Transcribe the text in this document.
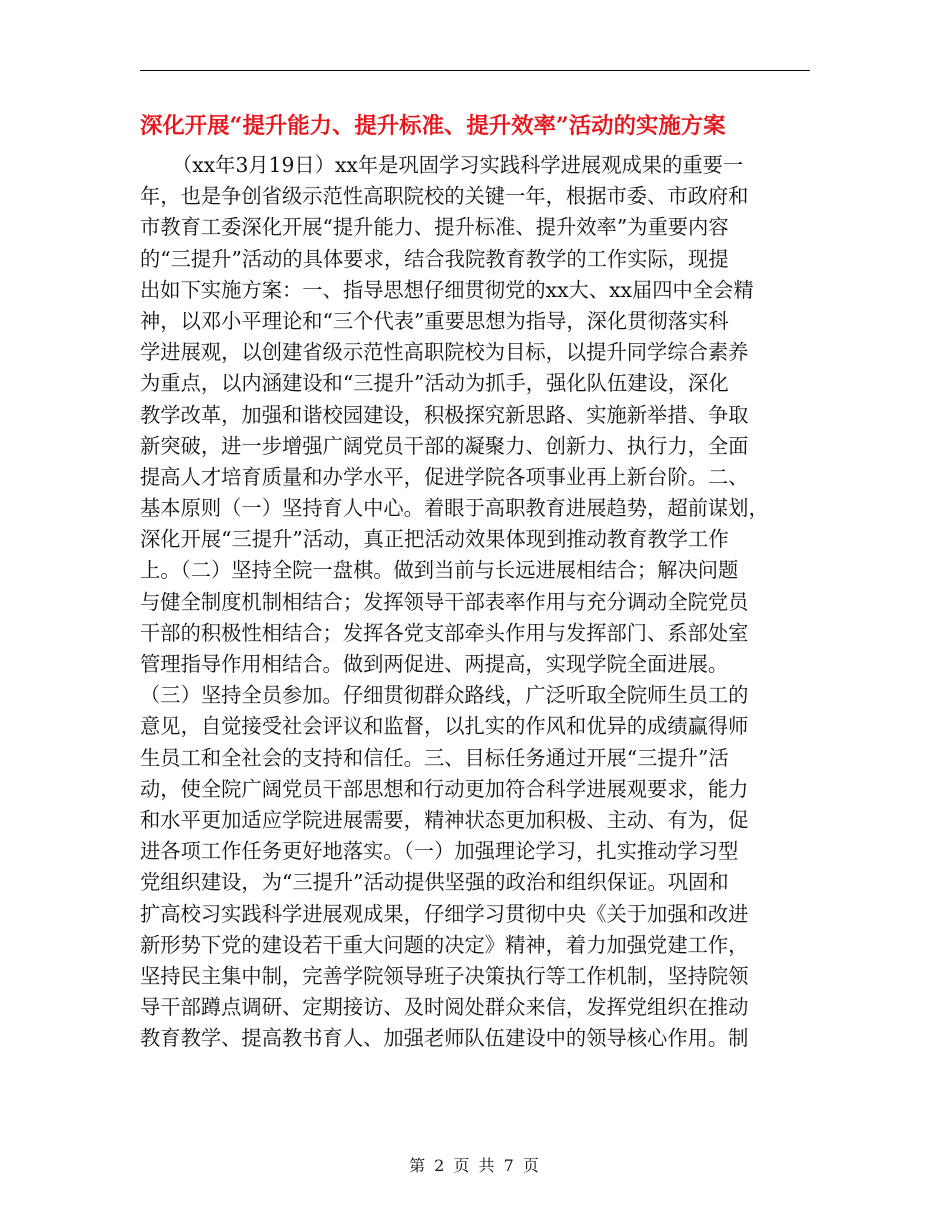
深化开展“提升能力、提升标准、提升效率”活动的实施方案
（xx年3月19日）xx年是巩固学习实践科学进展观成果的重要一
年，也是争创省级示范性高职院校的关键一年，根据市委、市政府和
市教育工委深化开展“提升能力、提升标准、提升效率”为重要内容
的“三提升”活动的具体要求，结合我院教育教学的工作实际，现提
出如下实施方案：一、指导思想仔细贯彻党的xx大、xx届四中全会精
神，以邓小平理论和“三个代表”重要思想为指导，深化贯彻落实科
学进展观，以创建省级示范性高职院校为目标，以提升同学综合素养
为重点，以内涵建设和“三提升”活动为抓手，强化队伍建设，深化
教学改革，加强和谐校园建设，积极探究新思路、实施新举措、争取
新突破，进一步增强广阔党员干部的凝聚力、创新力、执行力，全面
提高人才培育质量和办学水平，促进学院各项事业再上新台阶。二、
基本原则（一）坚持育人中心。着眼于高职教育进展趋势，超前谋划，
深化开展“三提升”活动，真正把活动效果体现到推动教育教学工作
上。（二）坚持全院一盘棋。做到当前与长远进展相结合；解决问题
与健全制度机制相结合；发挥领导干部表率作用与充分调动全院党员
干部的积极性相结合；发挥各党支部牵头作用与发挥部门、系部处室
管理指导作用相结合。做到两促进、两提高，实现学院全面进展。
（三）坚持全员参加。仔细贯彻群众路线，广泛听取全院师生员工的
意见，自觉接受社会评议和监督，以扎实的作风和优异的成绩赢得师
生员工和全社会的支持和信任。三、目标任务通过开展“三提升”活
动，使全院广阔党员干部思想和行动更加符合科学进展观要求，能力
和水平更加适应学院进展需要，精神状态更加积极、主动、有为，促
进各项工作任务更好地落实。（一）加强理论学习，扎实推动学习型
党组织建设，为“三提升”活动提供坚强的政治和组织保证。巩固和
扩高校习实践科学进展观成果，仔细学习贯彻中央《关于加强和改进
新形势下党的建设若干重大问题的决定》精神，着力加强党建工作，
坚持民主集中制，完善学院领导班子决策执行等工作机制，坚持院领
导干部蹲点调研、定期接访、及时阅处群众来信，发挥党组织在推动
教育教学、提高教书育人、加强老师队伍建设中的领导核心作用。制
第 2 页 共 7 页
